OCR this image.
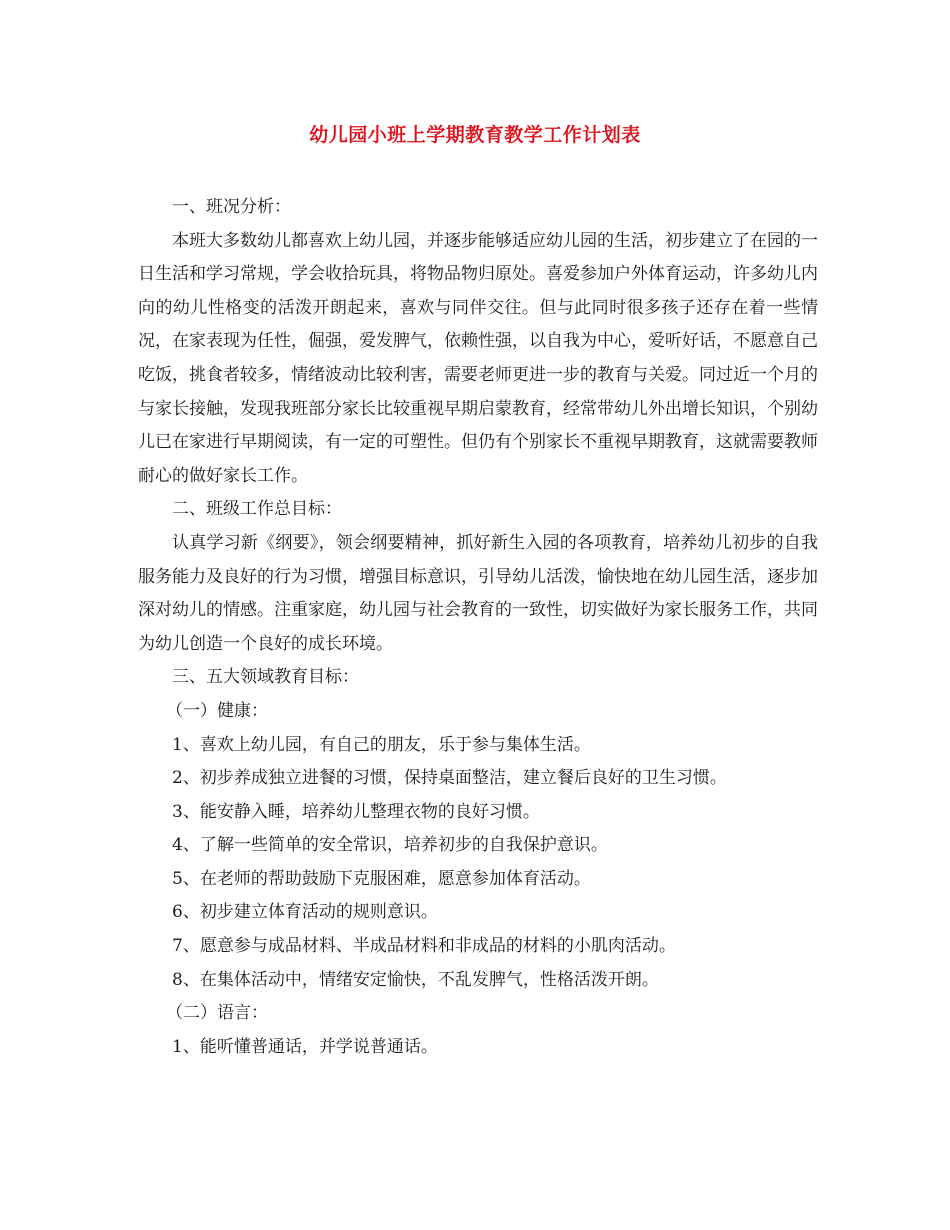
幼儿园小班上学期教育教学工作计划表

一、班况分析：

本班大多数幼儿都喜欢上幼儿园，并逐步能够适应幼儿园的生活，初步建立了在园的一日生活和学习常规，学会收拾玩具，将物品物归原处。喜爱参加户外体育运动，许多幼儿内向的幼儿性格变的活泼开朗起来，喜欢与同伴交往。但与此同时很多孩子还存在着一些情况，在家表现为任性，倔强，爱发脾气，依赖性强，以自我为中心，爱听好话，不愿意自己吃饭，挑食者较多，情绪波动比较利害，需要老师更进一步的教育与关爱。同过近一个月的与家长接触，发现我班部分家长比较重视早期启蒙教育，经常带幼儿外出增长知识，个别幼儿已在家进行早期阅读，有一定的可塑性。但仍有个别家长不重视早期教育，这就需要教师耐心的做好家长工作。

二、班级工作总目标：

认真学习新《纲要》，领会纲要精神，抓好新生入园的各项教育，培养幼儿初步的自我服务能力及良好的行为习惯，增强目标意识，引导幼儿活泼，愉快地在幼儿园生活，逐步加深对幼儿的情感。注重家庭，幼儿园与社会教育的一致性，切实做好为家长服务工作，共同为幼儿创造一个良好的成长环境。

三、五大领域教育目标：

（一）健康：

1、喜欢上幼儿园，有自己的朋友，乐于参与集体生活。

2、初步养成独立进餐的习惯，保持桌面整洁，建立餐后良好的卫生习惯。

3、能安静入睡，培养幼儿整理衣物的良好习惯。

4、了解一些简单的安全常识，培养初步的自我保护意识。

5、在老师的帮助鼓励下克服困难，愿意参加体育活动。

6、初步建立体育活动的规则意识。

7、愿意参与成品材料、半成品材料和非成品的材料的小肌肉活动。

8、在集体活动中，情绪安定愉快，不乱发脾气，性格活泼开朗。

（二）语言：

1、能听懂普通话，并学说普通话。
